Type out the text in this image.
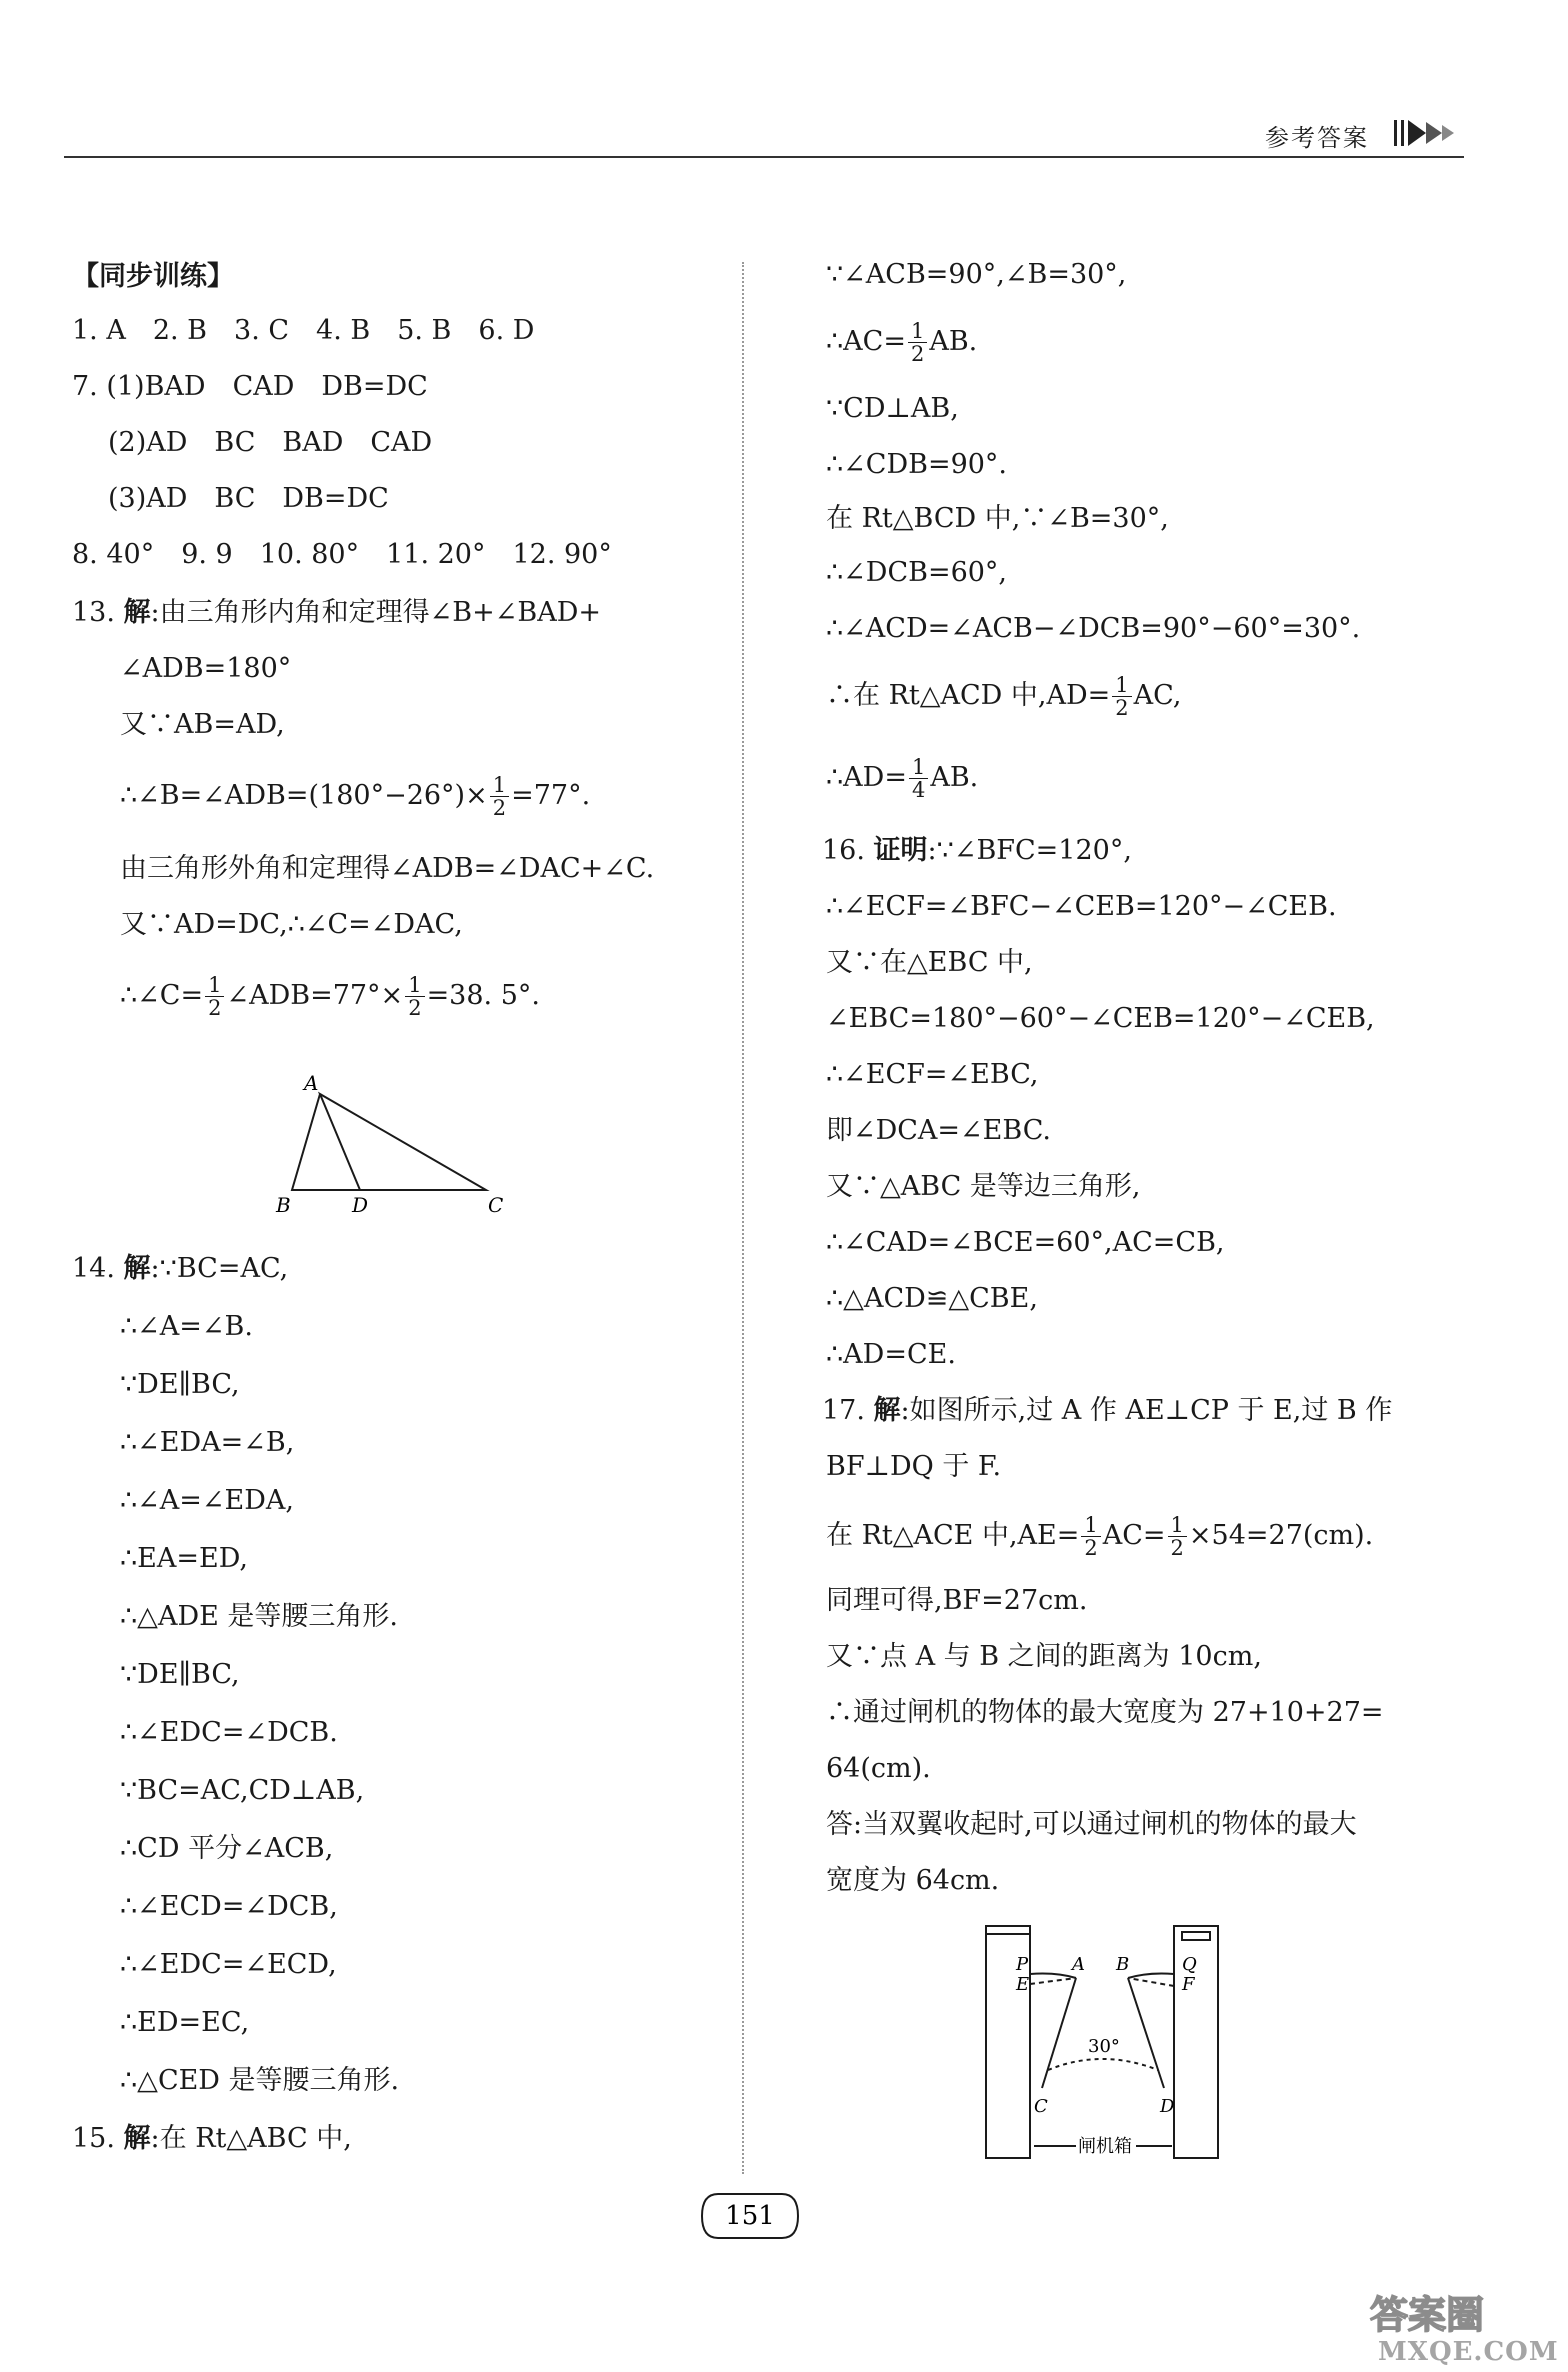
参考答案
【同步训练】
1. A　2. B　3. C　4. B　5. B　6. D
7. (1)BAD　CAD　DB=DC
(2)AD　BC　BAD　CAD
(3)AD　BC　DB=DC
8. 40°　9. 9　10. 80°　11. 20°　12. 90°
13. 解:由三角形内角和定理得∠B+∠BAD+
∠ADB=180°
又∵AB=AD,
∴∠B=∠ADB=(180°−26°)× $\frac{1}{2} =77^\circ$.
由三角形外角和定理得∠ADB=∠DAC+∠C.
又∵AD=DC,∴∠C=∠DAC,
∴∠C= $\frac{1}{2}$ ∠ADB=77°× $\frac{1}{2} =38$. 5°.
A
B	D	C
14. 解:∵BC=AC,
∴∠A=∠B.
∵DE∥BC,
∴∠EDA=∠B,
∴∠A=∠EDA,
∴EA=ED,
∴△ADE 是等腰三角形.
∵DE∥BC,
∴∠EDC=∠DCB.
∵BC=AC,CD⊥AB,
∴CD 平分∠ACB,
∴∠ECD=∠DCB,
∴∠EDC=∠ECD,
∴ED=EC,
∴△CED 是等腰三角形.
15. 解:在 Rt△ABC 中,
∵∠ACB=90°,∠B=30°,
∴AC= $\frac{1}{2}$ AB.
∵CD⊥AB,
∴∠CDB=90°.
在 Rt△BCD 中,∵∠B=30°,
∴∠DCB=60°,
∴∠ACD=∠ACB−∠DCB=90°−60°=30°.
∴在 Rt△ACD 中$,AD= \frac{1}{2}$ AC,
∴AD= $\frac{1}{4}$ AB.
16. 证明:∵∠BFC=120°,
∴∠ECF=∠BFC−∠CEB=120°−∠CEB.
又∵在△EBC 中,
∠EBC=180°−60°−∠CEB=120°−∠CEB,
∴∠ECF=∠EBC,
即∠DCA=∠EBC.
又∵△ABC 是等边三角形,
∴∠CAD=∠BCE=60°,AC=CB,
∴△ACD≌△CBE,
∴AD=CE.
17. 解:如图所示,过 A 作 AE⊥CP 于 E,过 B 作
BF⊥DQ 于 F.
在 Rt△ACE 中$,AE= \frac{1}{2} AC= \frac{1}{2} \times 54=27(cm)$.
同理可得,BF=27cm.
又∵点 A 与 B 之间的距离为 10cm,
∴通过闸机的物体的最大宽度为 27+10+27=
64(cm).
答:当双翼收起时,可以通过闸机的物体的最大
宽度为 64cm.
P
E
A B	Q
F
30°
C	D
闸机箱
151
答案圈
MXQE.COM
